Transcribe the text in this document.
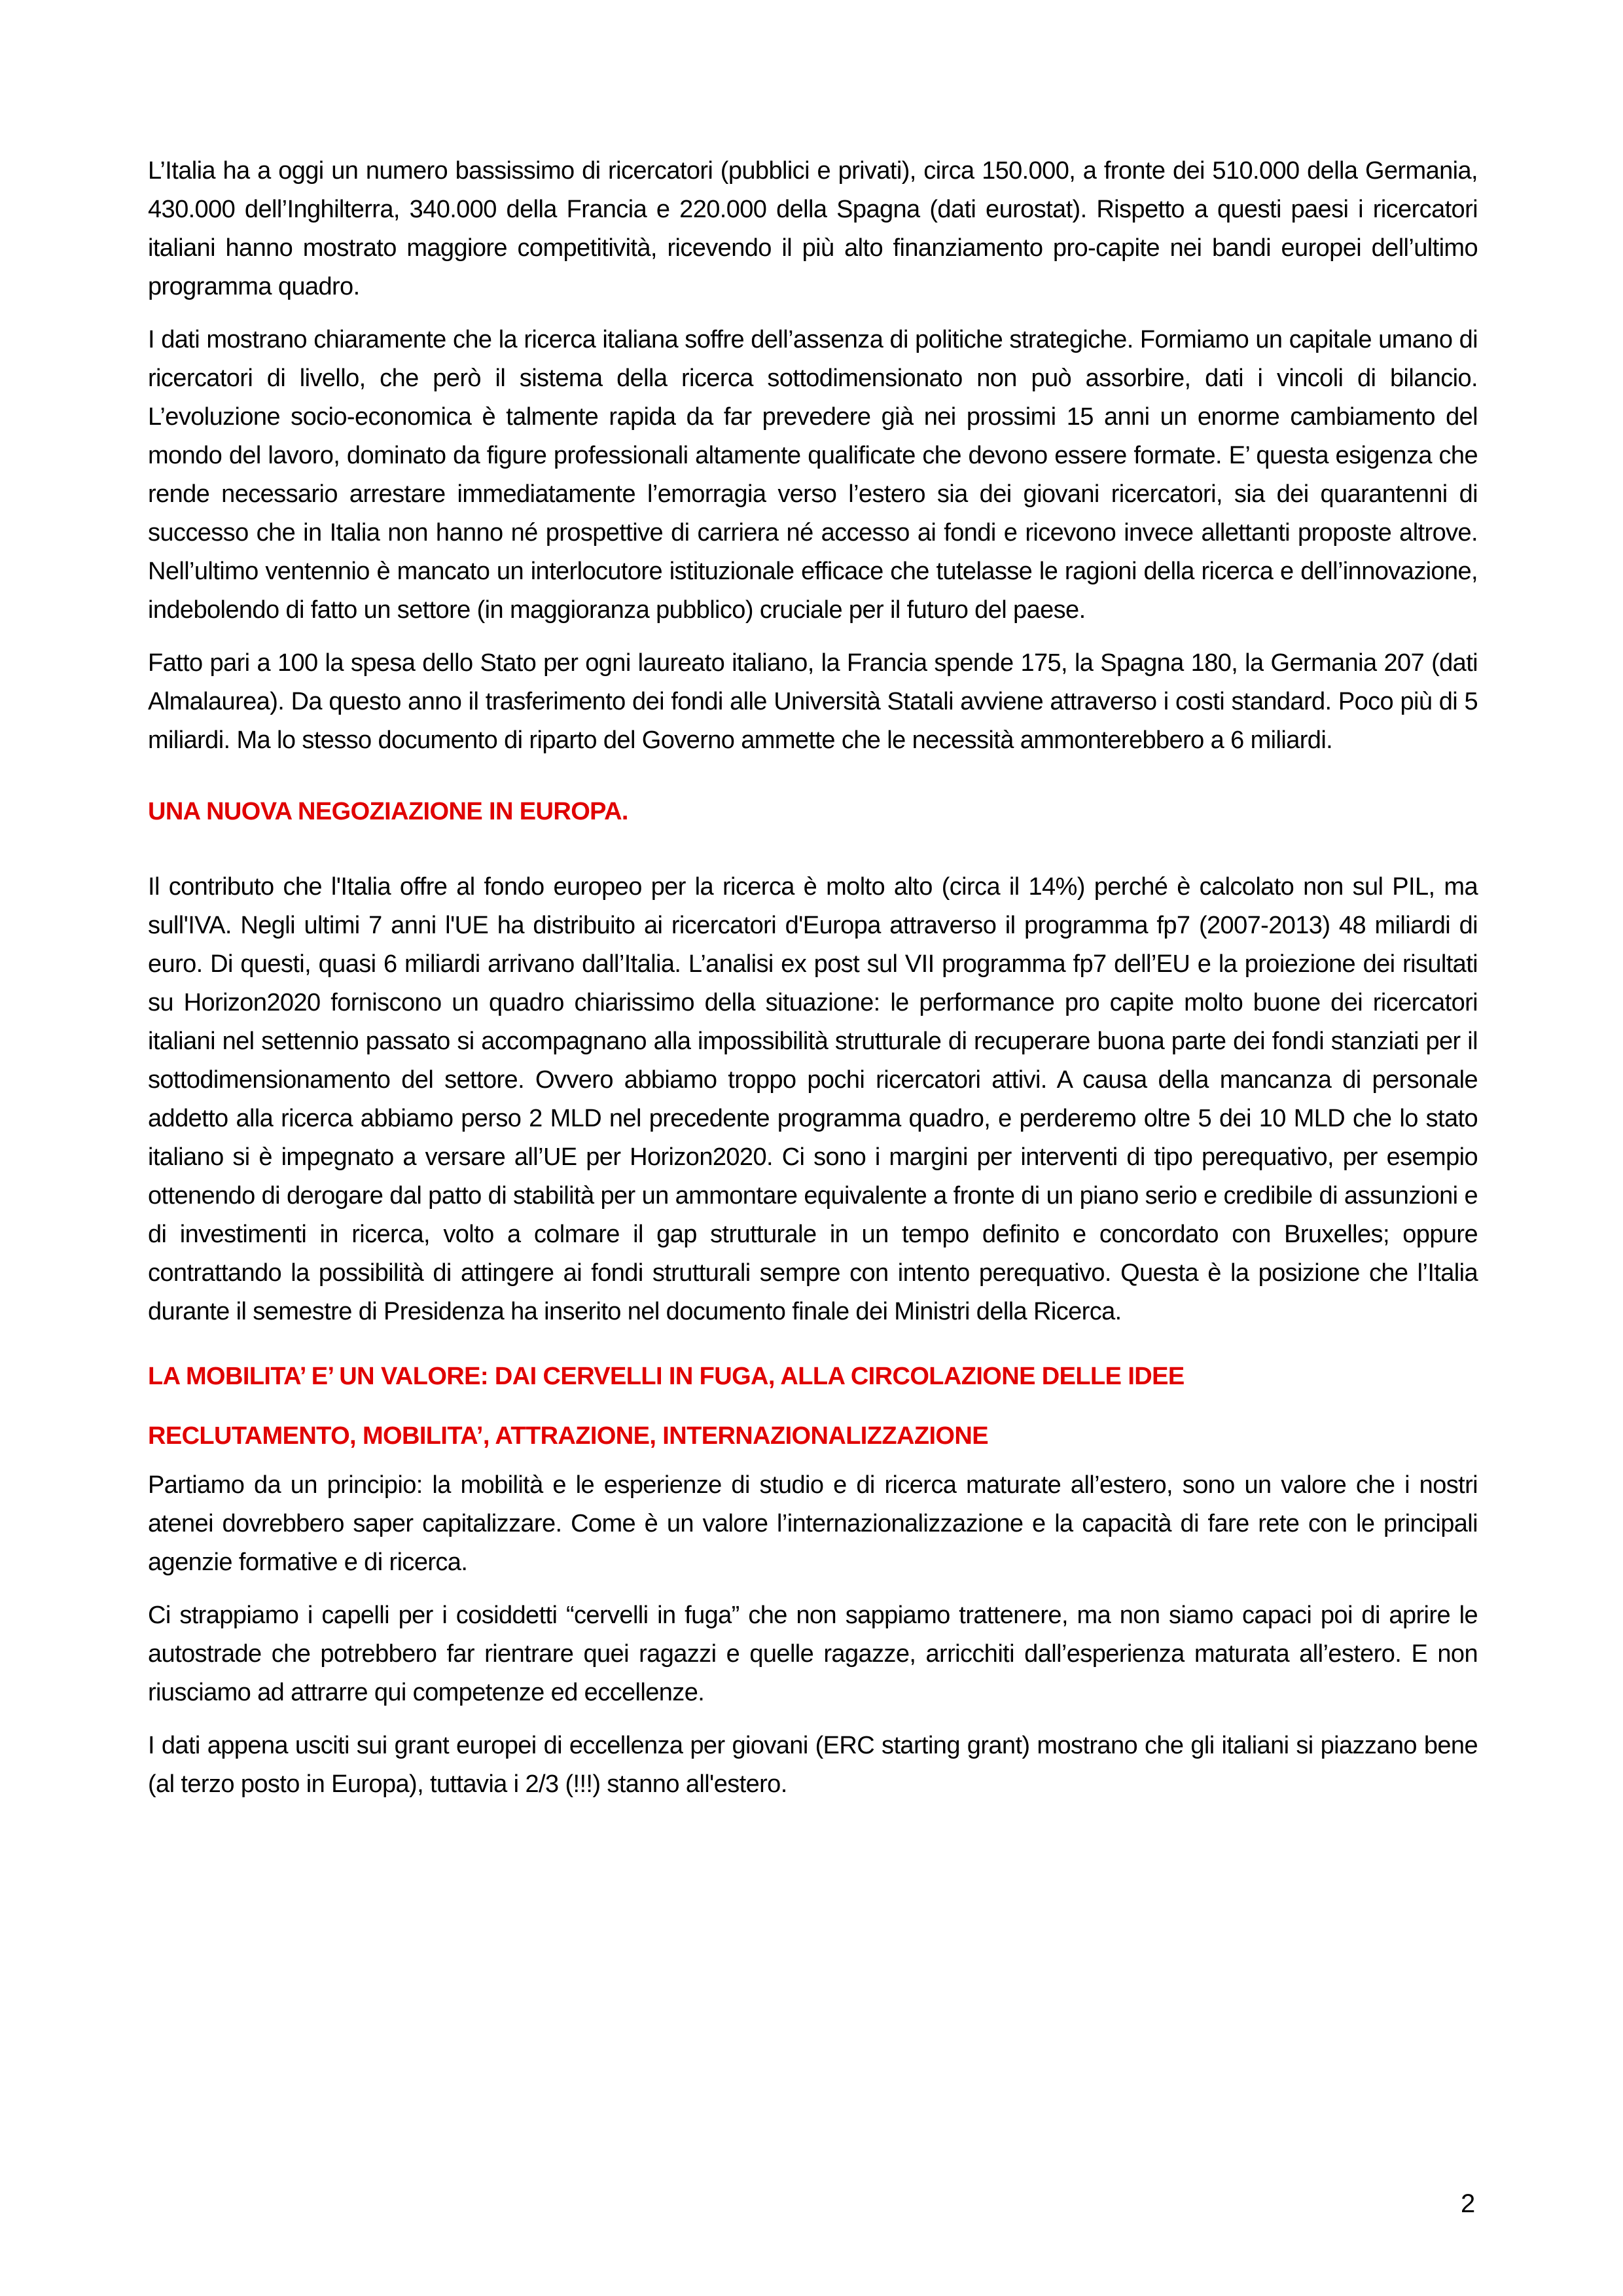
L’Italia ha a oggi un numero bassissimo di ricercatori (pubblici e privati), circa 150.000, a fronte dei 510.000 della Germania, 430.000 dell’Inghilterra, 340.000 della Francia e 220.000 della Spagna (dati eurostat). Rispetto a questi paesi i ricercatori italiani hanno mostrato maggiore competitività, ricevendo il più alto finanziamento pro-capite nei bandi europei dell’ultimo programma quadro.

I dati mostrano chiaramente che la ricerca italiana soffre dell’assenza di politiche strategiche. Formiamo un capitale umano di ricercatori di livello, che però il sistema della ricerca sottodimensionato non può assorbire, dati i vincoli di bilancio. L’evoluzione socio-economica è talmente rapida da far prevedere già nei prossimi 15 anni un enorme cambiamento del mondo del lavoro, dominato da figure professionali altamente qualificate che devono essere formate. E’ questa esigenza che rende necessario arrestare immediatamente l’emorragia verso l’estero sia dei giovani ricercatori, sia dei quarantenni di successo che in Italia non hanno né prospettive di carriera né accesso ai fondi e ricevono invece allettanti proposte altrove. Nell’ultimo ventennio è mancato un interlocutore istituzionale efficace che tutelasse le ragioni della ricerca e dell’innovazione, indebolendo di fatto un settore (in maggioranza pubblico) cruciale per il futuro del paese.

Fatto pari a 100 la spesa dello Stato per ogni laureato italiano, la Francia spende 175, la Spagna 180, la Germania 207 (dati Almalaurea). Da questo anno il trasferimento dei fondi alle Università Statali avviene attraverso i costi standard. Poco più di 5 miliardi. Ma lo stesso documento di riparto del Governo ammette che le necessità ammonterebbero a 6 miliardi.

UNA NUOVA NEGOZIAZIONE IN EUROPA.

Il contributo che l'Italia offre al fondo europeo per la ricerca è molto alto (circa il 14%) perché è calcolato non sul PIL, ma sull'IVA. Negli ultimi 7 anni l'UE ha distribuito ai ricercatori d'Europa attraverso il programma fp7 (2007-2013) 48 miliardi di euro. Di questi, quasi 6 miliardi arrivano dall’Italia. L’analisi ex post sul VII programma fp7 dell’EU e la proiezione dei risultati su Horizon2020 forniscono un quadro chiarissimo della situazione: le performance pro capite molto buone dei ricercatori italiani nel settennio passato si accompagnano alla impossibilità strutturale di recuperare buona parte dei fondi stanziati per il sottodimensionamento del settore. Ovvero abbiamo troppo pochi ricercatori attivi. A causa della mancanza di personale addetto alla ricerca abbiamo perso 2 MLD nel precedente programma quadro, e perderemo oltre 5 dei 10 MLD che lo stato italiano si è impegnato a versare all’UE per Horizon2020. Ci sono i margini per interventi di tipo perequativo, per esempio ottenendo di derogare dal patto di stabilità per un ammontare equivalente a fronte di un piano serio e credibile di assunzioni e di investimenti in ricerca, volto a colmare il gap strutturale in un tempo definito e concordato con Bruxelles; oppure contrattando la possibilità di attingere ai fondi strutturali sempre con intento perequativo. Questa è la posizione che l’Italia durante il semestre di Presidenza ha inserito nel documento finale dei Ministri della Ricerca.

LA MOBILITA’ E’ UN VALORE: DAI CERVELLI IN FUGA, ALLA CIRCOLAZIONE DELLE IDEE
RECLUTAMENTO, MOBILITA’, ATTRAZIONE, INTERNAZIONALIZZAZIONE

Partiamo da un principio: la mobilità e le esperienze di studio e di ricerca maturate all’estero, sono un valore che i nostri atenei dovrebbero saper capitalizzare. Come è un valore l’internazionalizzazione e la capacità di fare rete con le principali agenzie formative e di ricerca.

Ci strappiamo i capelli per i cosiddetti “cervelli in fuga” che non sappiamo trattenere, ma non siamo capaci poi di aprire le autostrade che potrebbero far rientrare quei ragazzi e quelle ragazze, arricchiti dall’esperienza maturata all’estero. E non riusciamo ad attrarre qui competenze ed eccellenze.

I dati appena usciti sui grant europei di eccellenza per giovani (ERC starting grant) mostrano che gli italiani si piazzano bene (al terzo posto in Europa), tuttavia i 2/3 (!!!) stanno all'estero.

2
